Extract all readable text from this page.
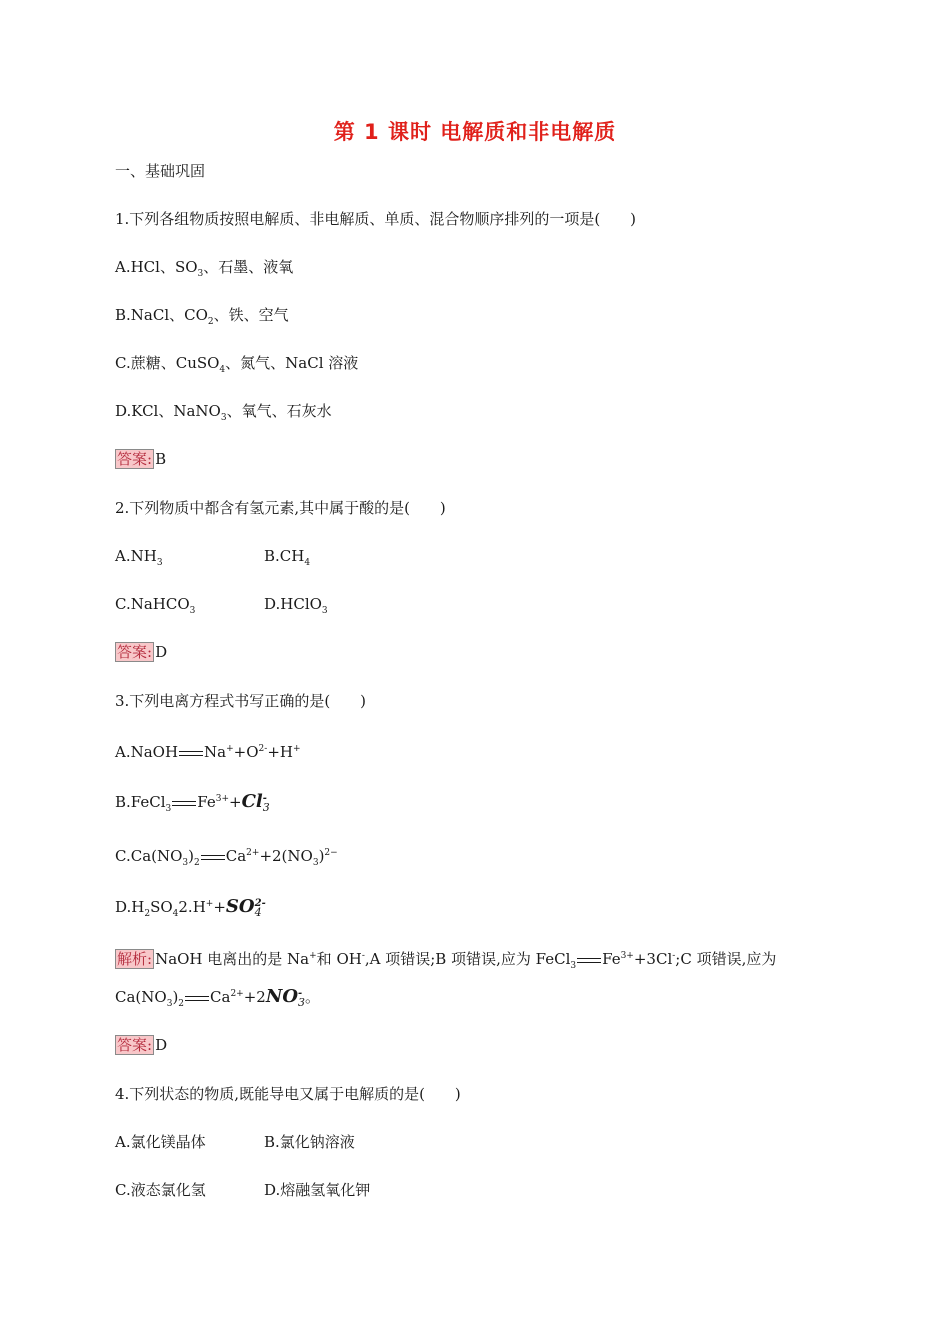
第 1 课时 电解质和非电解质
一、基础巩固
1.下列各组物质按照电解质、非电解质、单质、混合物顺序排列的一项是(　　)
A.HCl、$SO_3$、石墨、液氧
B.NaCl、$CO_2$、铁、空气
C.蔗糖、CuSO$_4$、氮气、NaCl 溶液
D.KCl、NaNO$_3$、氧气、石灰水
答案: B
2.下列物质中都含有氢元素,其中属于酸的是(　　)
$A.NH_3$	$B.CH_4$
C.NaHCO$_3$	D.HClO$_3$
答案: D
3.下列电离方程式书写正确的是(　　)
A.NaOH $Na^++O^{2-}+H^+$
B.FeCl$_3$ $Fe^{3+}+Cl$ -
3
$C.Ca(NO_3)_2$ $Ca^{2+}+2(NO_3)^{2-}$
$D.H_2SO_42.H^++SO$ 2-
4
解析: NaOH 电离出的是 Na+和 OH-,A 项错误;B 项错误,应为 FeCl$_3$ $Fe^{3+}+3Cl^-;C$ 项错误,应为
$Ca(NO_3)_2$ $Ca^{2+}+2NO$ -
3 。
答案: D
4.下列状态的物质,既能导电又属于电解质的是(　　)
A.氯化镁晶体	B.氯化钠溶液
C.液态氯化氢	D.熔融氢氧化钾
